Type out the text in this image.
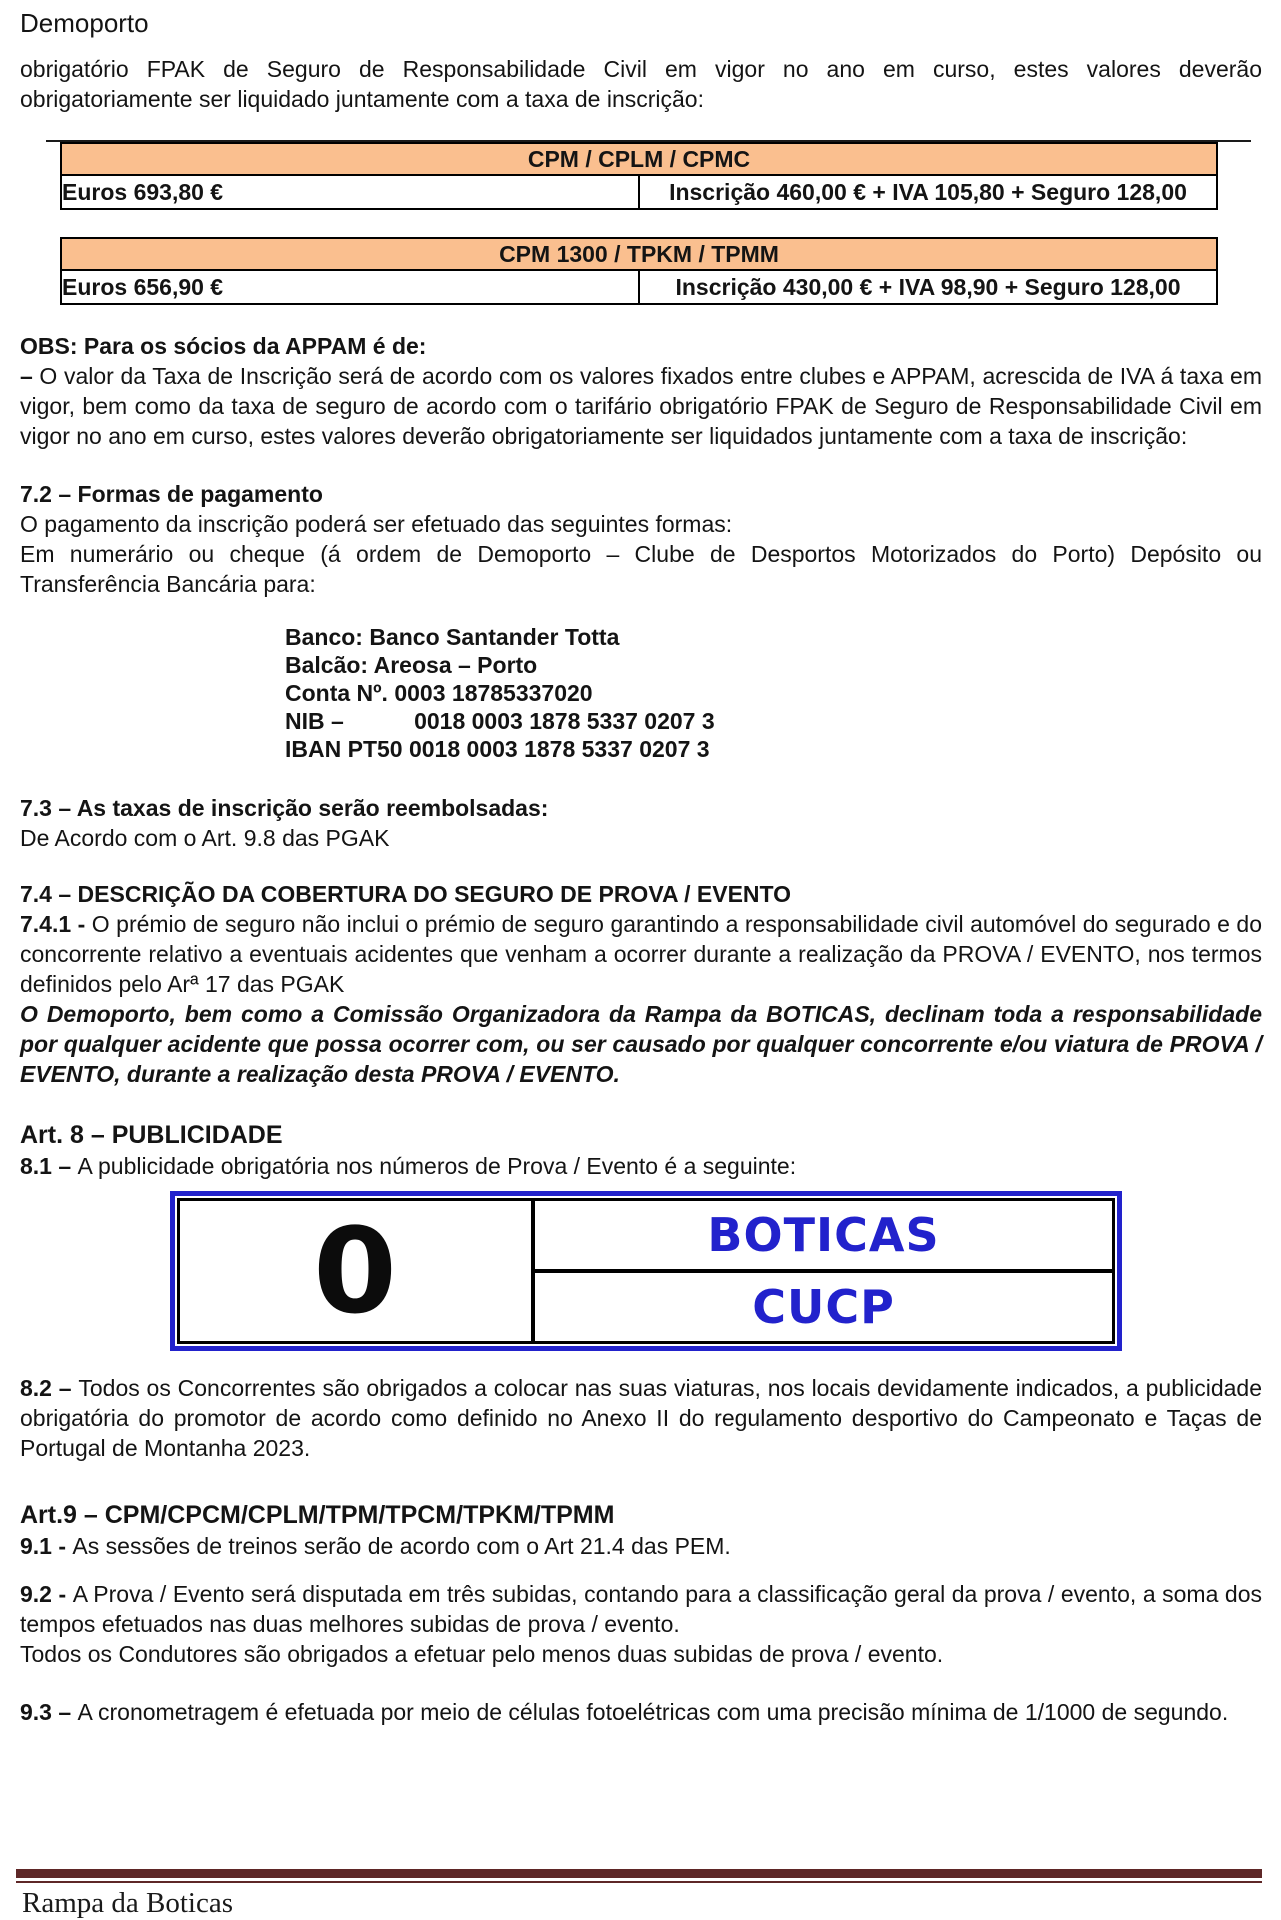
Demoporto

obrigatório FPAK de Seguro de Responsabilidade Civil em vigor no ano em curso, estes valores deverão obrigatoriamente ser liquidado juntamente com a taxa de inscrição:

CPM / CPLM / CPMC
Euros 693,80 €	Inscrição 460,00 € + IVA 105,80 + Seguro 128,00
CPM 1300 / TPKM / TPMM
Euros 656,90 €	Inscrição 430,00 € + IVA 98,90 + Seguro 128,00

OBS: Para os sócios da APPAM é de:

– O valor da Taxa de Inscrição será de acordo com os valores fixados entre clubes e APPAM, acrescida de IVA á taxa em vigor, bem como da taxa de seguro de acordo com o tarifário obrigatório FPAK de Seguro de Responsabilidade Civil em vigor no ano em curso, estes valores deverão obrigatoriamente ser liquidados juntamente com a taxa de inscrição:

7.2 – Formas de pagamento

O pagamento da inscrição poderá ser efetuado das seguintes formas:

Em numerário ou cheque (á ordem de Demoporto – Clube de Desportos Motorizados do Porto) Depósito ou Transferência Bancária para:

Banco: Banco Santander Totta
Balcão: Areosa – Porto
Conta Nº. 0003 18785337020
NIB –           0018 0003 1878 5337 0207 3
IBAN PT50 0018 0003 1878 5337 0207 3

7.3 – As taxas de inscrição serão reembolsadas:

De Acordo com o Art. 9.8 das PGAK

7.4 – DESCRIÇÃO DA COBERTURA DO SEGURO DE PROVA / EVENTO

7.4.1 - O prémio de seguro não inclui o prémio de seguro garantindo a responsabilidade civil automóvel do segurado e do concorrente relativo a eventuais acidentes que venham a ocorrer durante a realização da PROVA / EVENTO, nos termos definidos pelo Arª 17 das PGAK

O Demoporto, bem como a Comissão Organizadora da Rampa da BOTICAS, declinam toda a responsabilidade por qualquer acidente que possa ocorrer com, ou ser causado por qualquer concorrente e/ou viatura de PROVA / EVENTO, durante a realização desta PROVA / EVENTO.

Art. 8 – PUBLICIDADE

8.1 – A publicidade obrigatória nos números de Prova / Evento é a seguinte:

0	BOTICAS
CUCP

8.2 – Todos os Concorrentes são obrigados a colocar nas suas viaturas, nos locais devidamente indicados, a publicidade obrigatória do promotor de acordo como definido no Anexo II do regulamento desportivo do Campeonato e Taças de Portugal de Montanha 2023.

Art.9 – CPM/CPCM/CPLM/TPM/TPCM/TPKM/TPMM

9.1 - As sessões de treinos serão de acordo com o Art 21.4 das PEM.

9.2 - A Prova / Evento será disputada em três subidas, contando para a classificação geral da prova / evento, a soma dos tempos efetuados nas duas melhores subidas de prova / evento.

Todos os Condutores são obrigados a efetuar pelo menos duas subidas de prova / evento.

9.3 – A cronometragem é efetuada por meio de células fotoelétricas com uma precisão mínima de 1/1000 de segundo.

Rampa da Boticas
